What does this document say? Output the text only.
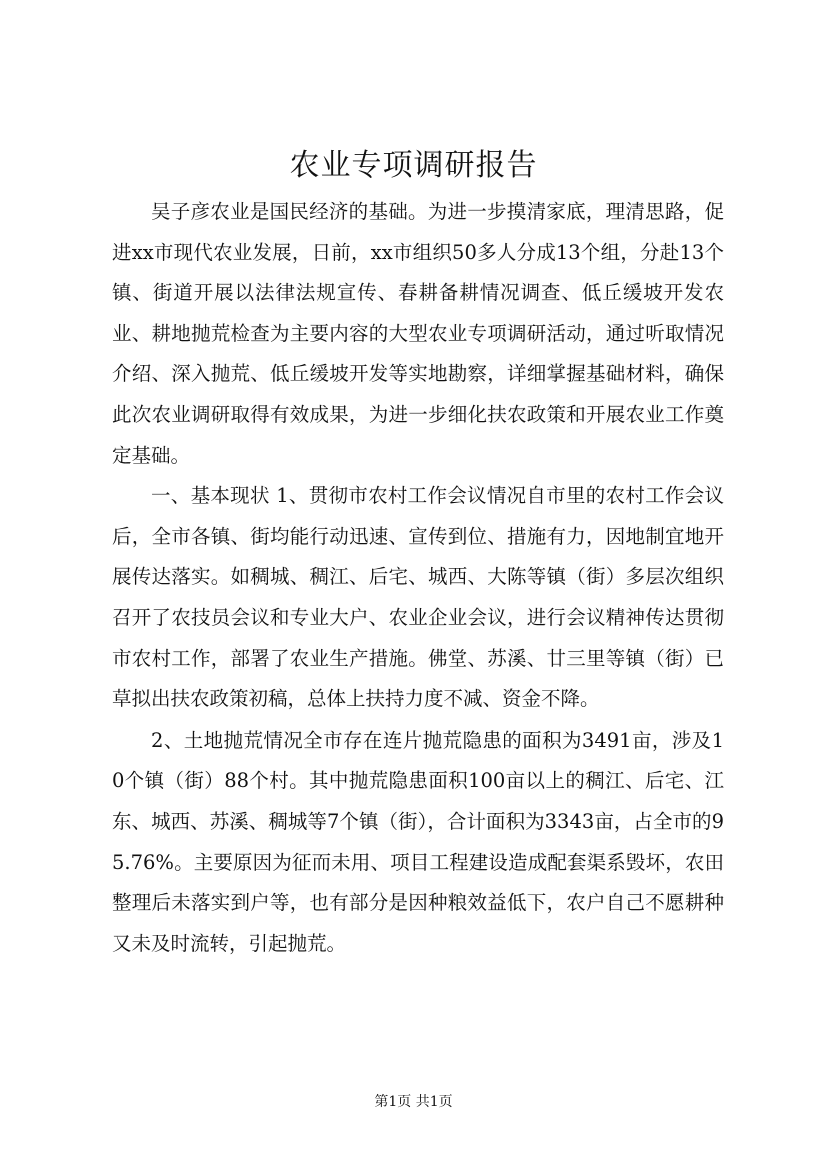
农业专项调研报告

吴子彦农业是国民经济的基础。为进一步摸清家底，理清思路，促进xx市现代农业发展，日前，xx市组织50多人分成13个组，分赴13个镇、街道开展以法律法规宣传、春耕备耕情况调查、低丘缓坡开发农业、耕地抛荒检查为主要内容的大型农业专项调研活动，通过听取情况介绍、深入抛荒、低丘缓坡开发等实地勘察，详细掌握基础材料，确保此次农业调研取得有效成果，为进一步细化扶农政策和开展农业工作奠定基础。

一、基本现状 1、贯彻市农村工作会议情况自市里的农村工作会议后，全市各镇、街均能行动迅速、宣传到位、措施有力，因地制宜地开展传达落实。如稠城、稠江、后宅、城西、大陈等镇（街）多层次组织召开了农技员会议和专业大户、农业企业会议，进行会议精神传达贯彻市农村工作，部署了农业生产措施。佛堂、苏溪、廿三里等镇（街）已草拟出扶农政策初稿，总体上扶持力度不减、资金不降。

2、土地抛荒情况全市存在连片抛荒隐患的面积为3491亩，涉及10个镇（街）88个村。其中抛荒隐患面积100亩以上的稠江、后宅、江东、城西、苏溪、稠城等7个镇（街），合计面积为3343亩，占全市的95.76%。主要原因为征而未用、项目工程建设造成配套渠系毁坏，农田整理后未落实到户等，也有部分是因种粮效益低下，农户自己不愿耕种又未及时流转，引起抛荒。

第1页 共1页
